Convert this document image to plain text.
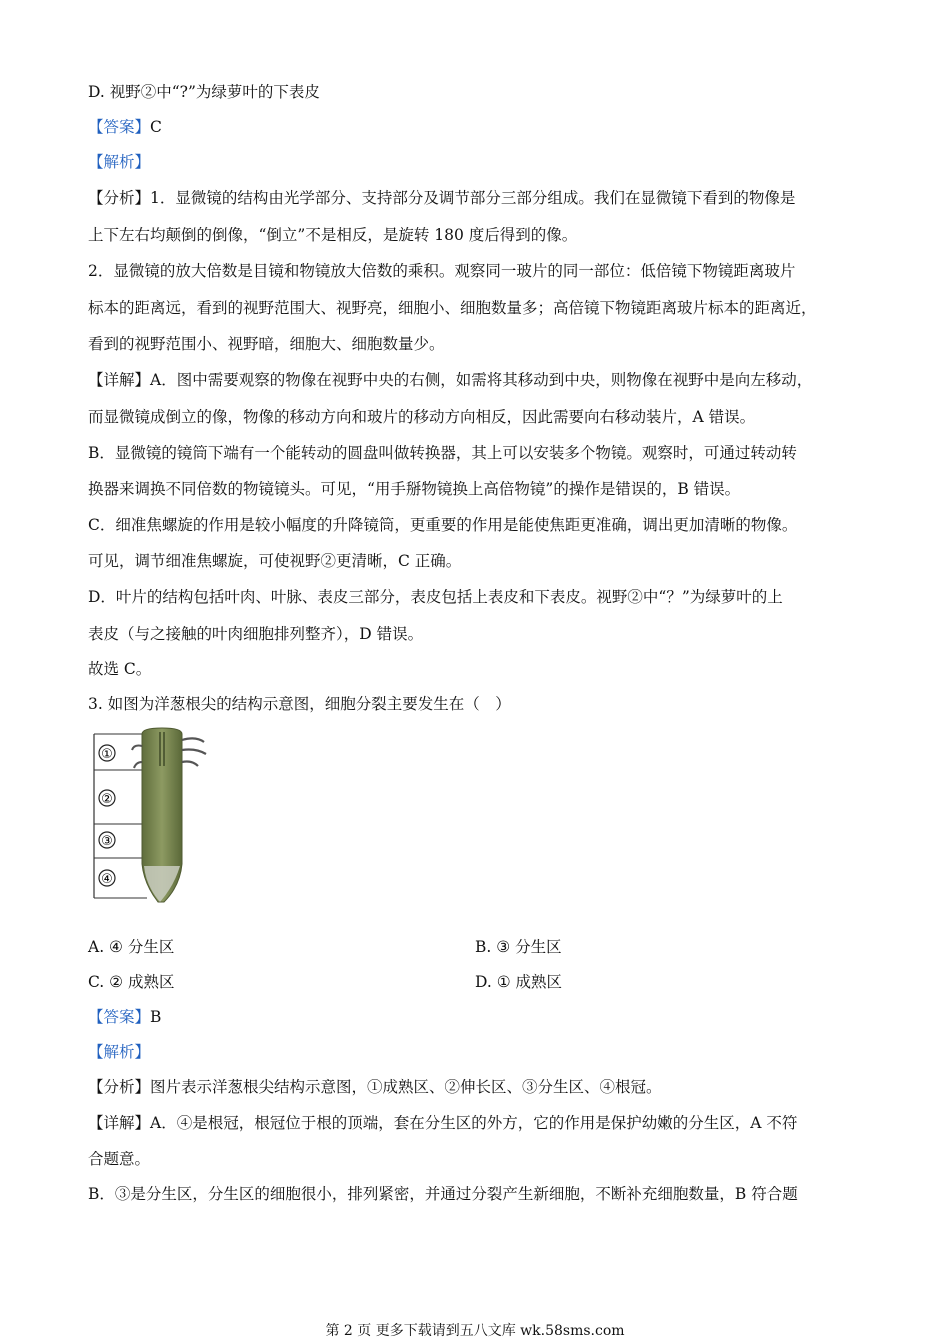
D. 视野②中“?”为绿萝叶的下表皮
【答案】C
【解析】
【分析】1．显微镜的结构由光学部分、支持部分及调节部分三部分组成。我们在显微镜下看到的物像是
上下左右均颠倒的倒像，“倒立”不是相反，是旋转 180 度后得到的像。
2．显微镜的放大倍数是目镜和物镜放大倍数的乘积。观察同一玻片的同一部位：低倍镜下物镜距离玻片
标本的距离远，看到的视野范围大、视野亮，细胞小、细胞数量多；高倍镜下物镜距离玻片标本的距离近，
看到的视野范围小、视野暗，细胞大、细胞数量少。
【详解】A．图中需要观察的物像在视野中央的右侧，如需将其移动到中央，则物像在视野中是向左移动，
而显微镜成倒立的像，物像的移动方向和玻片的移动方向相反，因此需要向右移动装片，A 错误。
B．显微镜的镜筒下端有一个能转动的圆盘叫做转换器，其上可以安装多个物镜。观察时，可通过转动转
换器来调换不同倍数的物镜镜头。可见，“用手掰物镜换上高倍物镜”的操作是错误的，B 错误。
C．细准焦螺旋的作用是较小幅度的升降镜筒，更重要的作用是能使焦距更准确，调出更加清晰的物像。
可见，调节细准焦螺旋，可使视野②更清晰，C 正确。
D．叶片的结构包括叶肉、叶脉、表皮三部分，表皮包括上表皮和下表皮。视野②中“？”为绿萝叶的上
表皮（与之接触的叶肉细胞排列整齐），D 错误。
故选 C。
3. 如图为洋葱根尖的结构示意图，细胞分裂主要发生在（　）
①
②
③
④
A. ④ 分生区	B. ③ 分生区
C. ② 成熟区	D. ① 成熟区
【答案】B
【解析】
【分析】图片表示洋葱根尖结构示意图，①成熟区、②伸长区、③分生区、④根冠。
【详解】A．④是根冠，根冠位于根的顶端，套在分生区的外方，它的作用是保护幼嫩的分生区，A 不符
合题意。
B．③是分生区，分生区的细胞很小，排列紧密，并通过分裂产生新细胞，不断补充细胞数量，B 符合题
第 2 页 更多下载请到五八文库 wk.58sms.com
